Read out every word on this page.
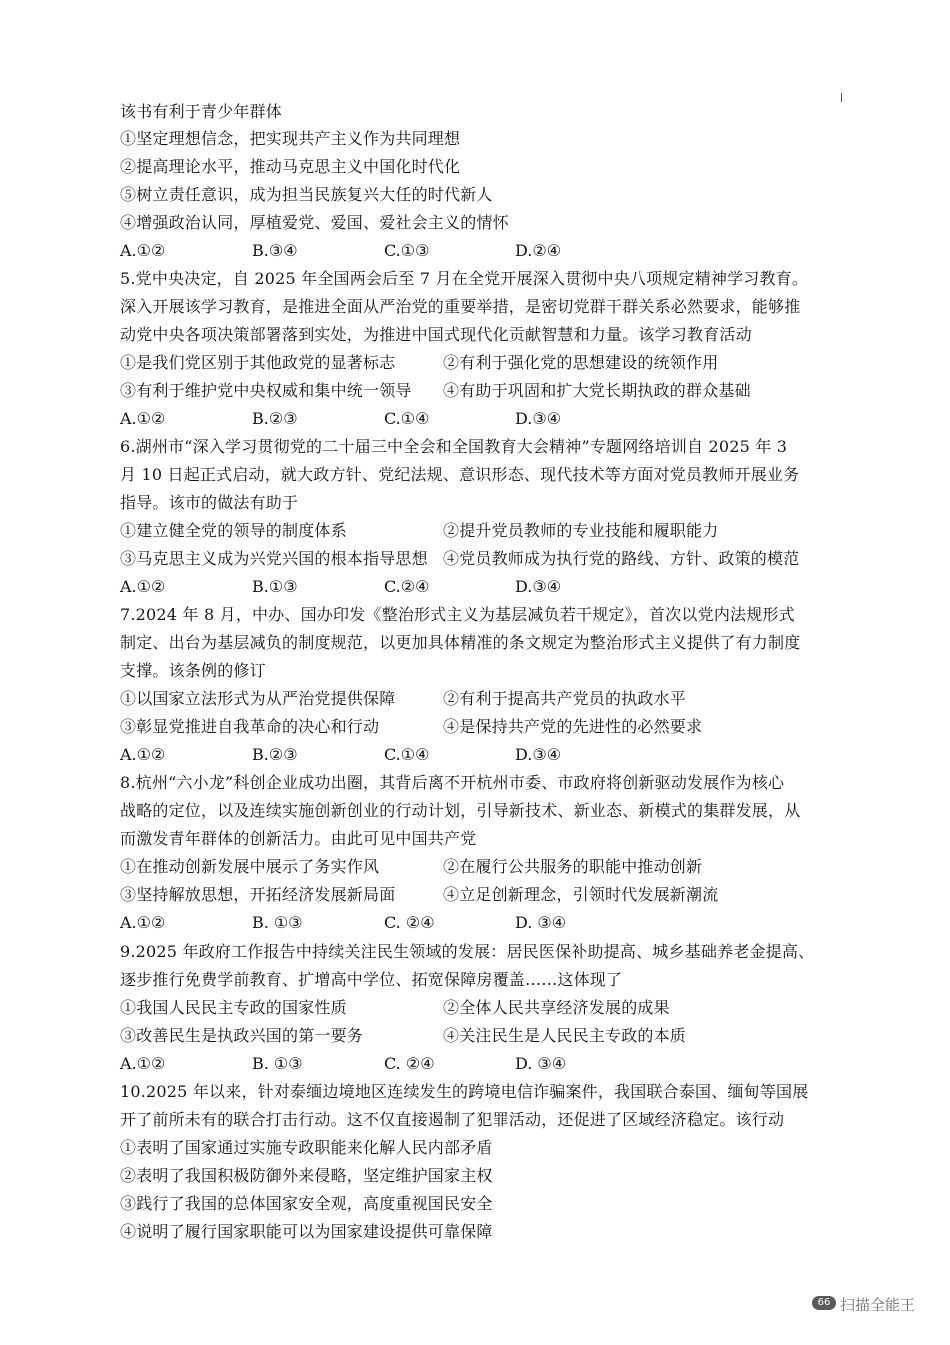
该书有利于青少年群体
①坚定理想信念，把实现共产主义作为共同理想
②提高理论水平，推动马克思主义中国化时代化
⑤树立责任意识，成为担当民族复兴大任的时代新人
④增强政治认同，厚植爱党、爱国、爱社会主义的情怀
A.①②	B.③④	C.①③	D.②④
5.党中央决定，自 2025 年全国两会后至 7 月在全党开展深入贯彻中央八项规定精神学习教育。
深入开展该学习教育，是推进全面从严治党的重要举措，是密切党群干群关系必然要求，能够推
动党中央各项决策部署落到实处，为推进中国式现代化贡献智慧和力量。该学习教育活动
①是我们党区别于其他政党的显著标志	②有利于强化党的思想建设的统领作用
③有利于维护党中央权威和集中统一领导 ④有助于巩固和扩大党长期执政的群众基础
A.①②	B.②③	C.①④	D.③④
6.湖州市“深入学习贯彻党的二十届三中全会和全国教育大会精神”专题网络培训自 2025 年 3
月 10 日起正式启动，就大政方针、党纪法规、意识形态、现代技术等方面对党员教师开展业务
指导。该市的做法有助于
①建立健全党的领导的制度体系	②提升党员教师的专业技能和履职能力
③马克思主义成为兴党兴国的根本指导思想 ④党员教师成为执行党的路线、方针、政策的模范
A.①②	B.①③	C.②④	D.③④
7.2024 年 8 月，中办、国办印发《整治形式主义为基层减负若干规定》，首次以党内法规形式
制定、出台为基层减负的制度规范，以更加具体精准的条文规定为整治形式主义提供了有力制度
支撑。该条例的修订
①以国家立法形式为从严治党提供保障	②有利于提高共产党员的执政水平
③彰显党推进自我革命的决心和行动	④是保持共产党的先进性的必然要求
A.①②	B.②③	C.①④	D.③④
8.杭州“六小龙”科创企业成功出圈，其背后离不开杭州市委、市政府将创新驱动发展作为核心
战略的定位，以及连续实施创新创业的行动计划，引导新技术、新业态、新模式的集群发展，从
而激发青年群体的创新活力。由此可见中国共产党
①在推动创新发展中展示了务实作风	②在履行公共服务的职能中推动创新
③坚持解放思想，开拓经济发展新局面	④立足创新理念，引领时代发展新潮流
A.①②	B. ①③	C. ②④	D. ③④
9.2025 年政府工作报告中持续关注民生领域的发展：居民医保补助提高、城乡基础养老金提高、
逐步推行免费学前教育、扩增高中学位、拓宽保障房覆盖……这体现了
①我国人民民主专政的国家性质	②全体人民共享经济发展的成果
③改善民生是执政兴国的第一要务	④关注民生是人民民主专政的本质
A.①②	B. ①③	C. ②④	D. ③④
10.2025 年以来，针对泰缅边境地区连续发生的跨境电信诈骗案件，我国联合泰国、缅甸等国展
开了前所未有的联合打击行动。这不仅直接遏制了犯罪活动，还促进了区域经济稳定。该行动
①表明了国家通过实施专政职能来化解人民内部矛盾
②表明了我国积极防御外来侵略，坚定维护国家主权
③践行了我国的总体国家安全观，高度重视国民安全
④说明了履行国家职能可以为国家建设提供可靠保障
66 扫描全能王
